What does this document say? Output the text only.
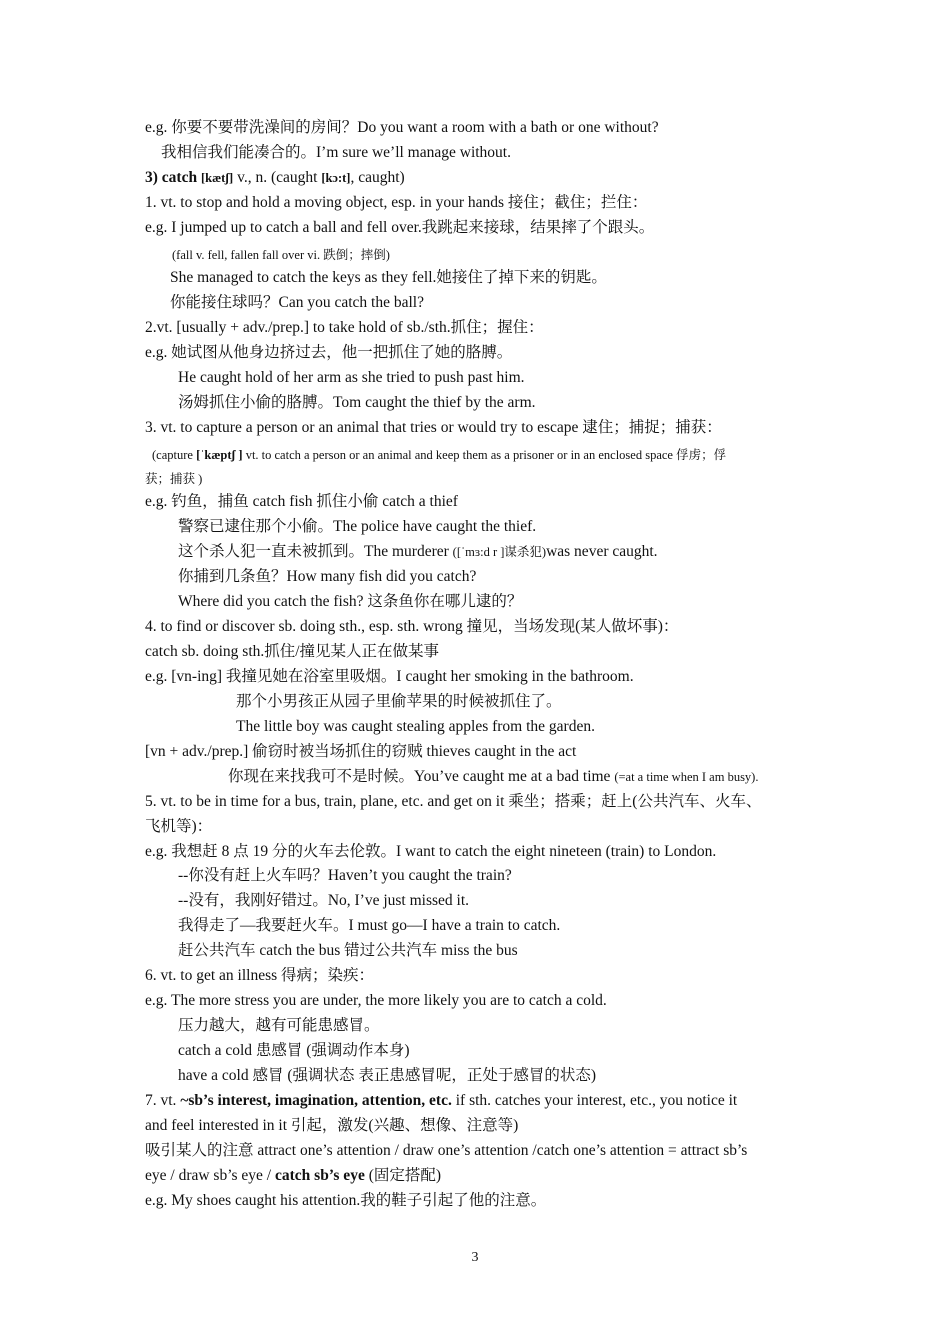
e.g. 你要不要带洗澡间的房间？Do you want a room with a bath or one without?
我相信我们能凑合的。I’m sure we’ll manage without.
3) catch [kætʃ] v., n. (caught [kɔ:t], caught)
1. vt. to stop and hold a moving object, esp. in your hands 接住；截住；拦住：
e.g. I jumped up to catch a ball and fell over.我跳起来接球，结果摔了个跟头。
(fall v. fell, fallen fall over vi. 跌倒；摔倒)
She managed to catch the keys as they fell.她接住了掉下来的钥匙。
你能接住球吗？Can you catch the ball?
2.vt. [usually + adv./prep.] to take hold of sb./sth.抓住；握住：
e.g. 她试图从他身边挤过去，他一把抓住了她的胳膊。
He caught hold of her arm as she tried to push past him.
汤姆抓住小偷的胳膊。Tom caught the thief by the arm.
3. vt. to capture a person or an animal that tries or would try to escape 逮住；捕捉；捕获：
(capture [ˈkæptʃ ] vt. to catch a person or an animal and keep them as a prisoner or in an enclosed space 俘虏；俘
获；捕获 )
e.g. 钓鱼，捕鱼 catch fish 抓住小偷 catch a thief
警察已逮住那个小偷。The police have caught the thief.
这个杀人犯一直未被抓到。The murderer ([ˈmɜ:d r ]谋杀犯)was never caught.
你捕到几条鱼？How many fish did you catch?
Where did you catch the fish? 这条鱼你在哪儿逮的？
4. to find or discover sb. doing sth., esp. sth. wrong 撞见，当场发现(某人做坏事)：
catch sb. doing sth.抓住/撞见某人正在做某事
e.g. [vn-ing] 我撞见她在浴室里吸烟。I caught her smoking in the bathroom.
那个小男孩正从园子里偷苹果的时候被抓住了。
The little boy was caught stealing apples from the garden.
[vn + adv./prep.] 偷窃时被当场抓住的窃贼 thieves caught in the act
你现在来找我可不是时候。You’ve caught me at a bad time (=at a time when I am busy).
5. vt. to be in time for a bus, train, plane, etc. and get on it 乘坐；搭乘；赶上(公共汽车、火车、
飞机等)：
e.g. 我想赶 8 点 19 分的火车去伦敦。I want to catch the eight nineteen (train) to London.
--你没有赶上火车吗？Haven’t you caught the train?
--没有，我刚好错过。No, I’ve just missed it.
我得走了—我要赶火车。I must go—I have a train to catch.
赶公共汽车 catch the bus 错过公共汽车 miss the bus
6. vt. to get an illness 得病；染疾：
e.g. The more stress you are under, the more likely you are to catch a cold.
压力越大，越有可能患感冒。
catch a cold 患感冒 (强调动作本身)
have a cold 感冒 (强调状态 表正患感冒呢，正处于感冒的状态)
7. vt. ~sb’s interest, imagination, attention, etc. if sth. catches your interest, etc., you notice it
and feel interested in it 引起，激发(兴趣、想像、注意等)
吸引某人的注意 attract one’s attention / draw one’s attention /catch one’s attention = attract sb’s
eye / draw sb’s eye / catch sb’s eye (固定搭配)
e.g. My shoes caught his attention.我的鞋子引起了他的注意。
3
